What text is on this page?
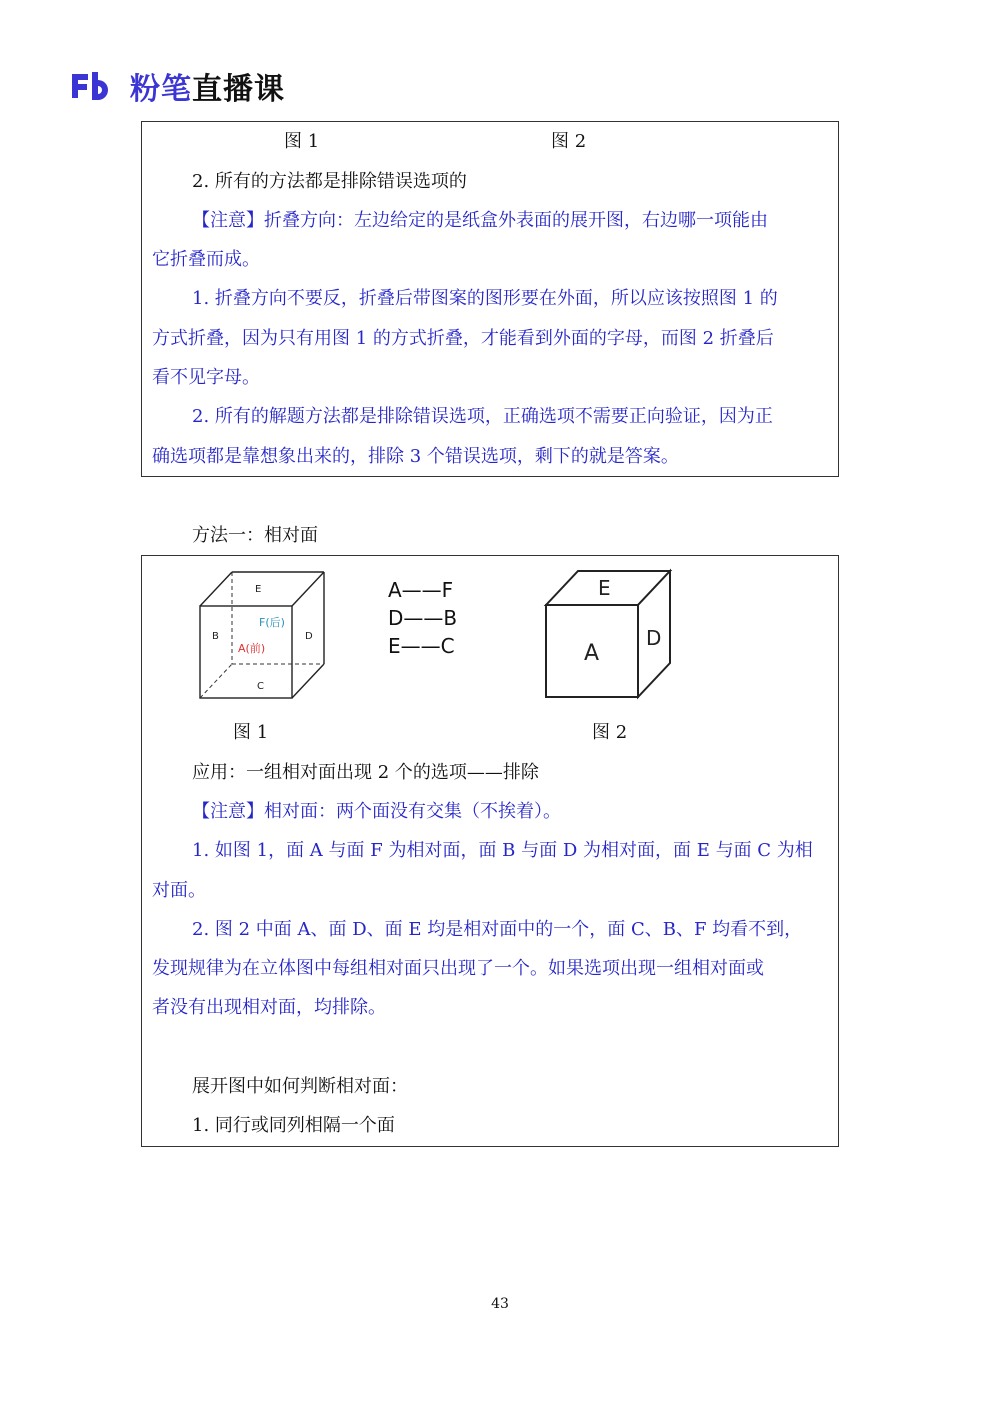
粉笔直播课
图 1	图 2
2. 所有的方法都是排除错误选项的
【注意】折叠方向：左边给定的是纸盒外表面的展开图，右边哪一项能由
它折叠而成。
1. 折叠方向不要反，折叠后带图案的图形要在外面，所以应该按照图 1 的
方式折叠，因为只有用图 1 的方式折叠，才能看到外面的字母，而图 2 折叠后
看不见字母。
2. 所有的解题方法都是排除错误选项，正确选项不需要正向验证，因为正
确选项都是靠想象出来的，排除 3 个错误选项，剩下的就是答案。
方法一：相对面
E
B	D
C
F(后)
A(前)
A——F
D——B
E——C
E
A
D
图 1	图 2
应用：一组相对面出现 2 个的选项——排除
【注意】相对面：两个面没有交集（不挨着）。
1. 如图 1，面 A 与面 F 为相对面，面 B 与面 D 为相对面，面 E 与面 C 为相
对面。
2. 图 2 中面 A、面 D、面 E 均是相对面中的一个，面 C、B、F 均看不到，
发现规律为在立体图中每组相对面只出现了一个。如果选项出现一组相对面或
者没有出现相对面，均排除。
展开图中如何判断相对面：
1. 同行或同列相隔一个面
43
